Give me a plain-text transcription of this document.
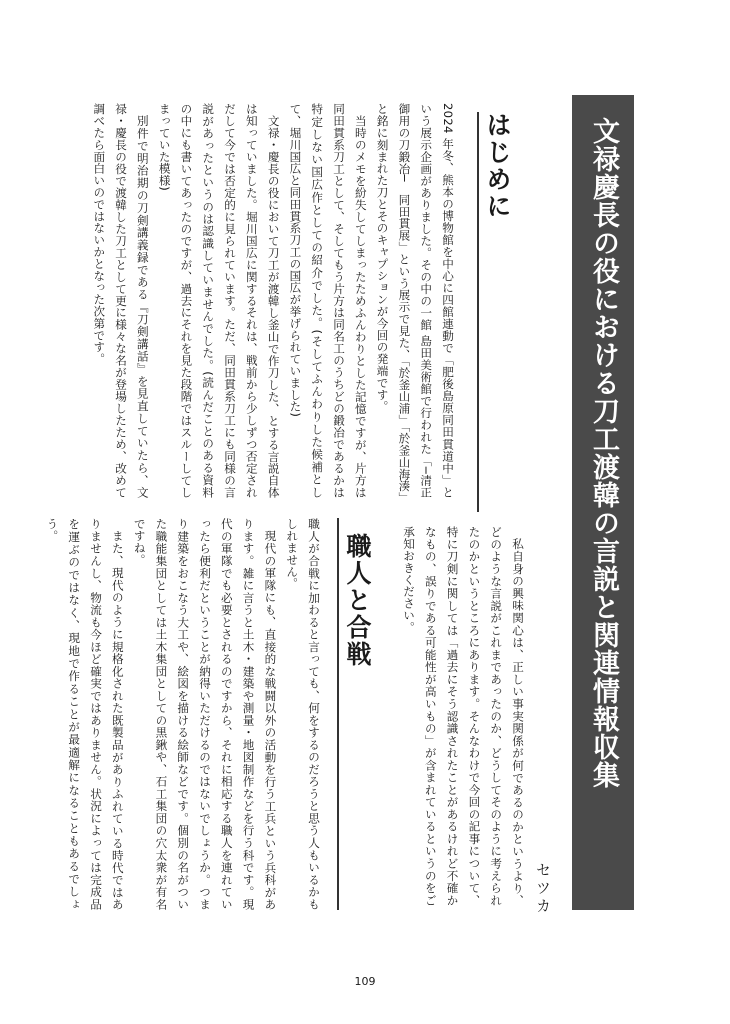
文禄慶長の役における刀工渡韓の言説と関連情報収集
セツカ
はじめに

2024 年冬、熊本の博物館を中心に四館連動で「肥後島原同田貫道中」という展示企画がありました。その中の一館 島田美術館で行われた「─清正御用の刀鍛冶─　同田貫展」という展示で見た、「於釜山浦」「於釜山海湊」と銘に刻まれた刀とそのキャプションが今回の発端です。

当時のメモを紛失してしまったためふんわりとした記憶ですが、片方は同田貫系刀工として、そしてもう片方は同名工のうちどの鍛冶であるかは特定しない国広作としての紹介でした。(そしてふんわりした候補として、堀川国広と同田貫系刀工の国広が挙げられていました)

文禄・慶長の役において刀工が渡韓し釜山で作刀した、とする言説自体は知っていました。堀川国広に関するそれは、戦前から少しずつ否定されだして今では否定的に見られています。ただ、同田貫系刀工にも同様の言説があったというのは認識していませんでした。(読んだことのある資料の中にも書いてあったのですが、過去にそれを見た段階ではスルーしてしまっていた模様)

別件で明治期の刀剣講義録である『刀剣講話』を見直していたら、文禄・慶長の役で渡韓した刀工として更に様々な名が登場したため、改めて調べたら面白いのではないかとなった次第です。

私自身の興味関心は、正しい事実関係が何であるのかというより、どのような言説がこれまであったのか、どうしてそのように考えられたのかというところにあります。そんなわけで今回の記事について、特に刀剣に関しては「過去にそう認識されたことがあるけれど不確かなもの、誤りである可能性が高いもの」が含まれているというのをご承知おきください。

職人と合戦

職人が合戦に加わると言っても、何をするのだろうと思う人もいるかもしれません。

現代の軍隊にも、直接的な戦闘以外の活動を行う工兵という兵科があります。雑に言うと土木・建築や測量・地図制作などを行う科です。現代の軍隊でも必要とされるのですから、それに相応する職人を連れていったら便利だということが納得いただけるのではないでしょうか。つまり建築をおこなう大工や、絵図を描ける絵師などです。個別の名がついた職能集団としては土木集団としての黒鍬や、石工集団の穴太衆が有名ですね。

また、現代のように規格化された既製品がありふれている時代ではありませんし、物流も今ほど確実ではありません。状況によっては完成品を運ぶのではなく、現地で作ることが最適解になることもあるでしょう。

109
